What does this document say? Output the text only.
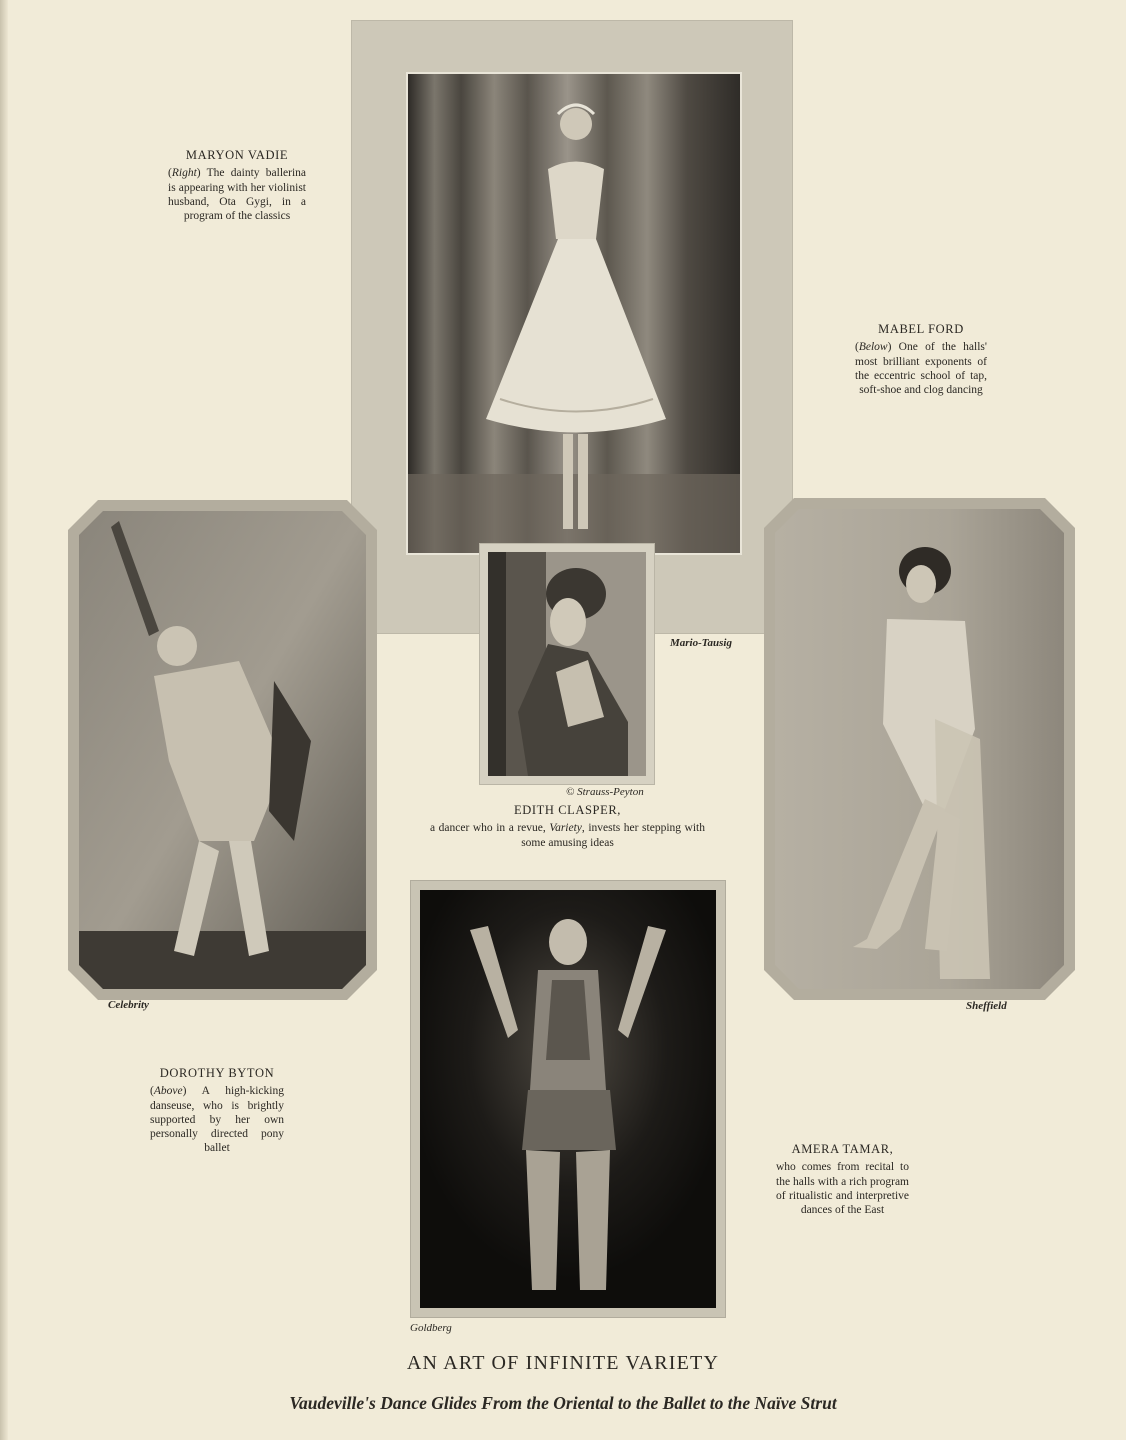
MARYON VADIE
(Right) The dainty ballerina is appearing with her violinist husband, Ota Gygi, in a program of the classics
MABEL FORD
(Below) One of the halls' most brilliant exponents of the eccentric school of tap, soft-shoe and clog dancing
EDITH CLASPER,
a dancer who in a revue, Variety, invests her stepping with some amusing ideas
DOROTHY BYTON
(Above) A high-kicking danseuse, who is brightly supported by her own personally directed pony ballet	AMERA TAMAR,
who comes from recital to the halls with a rich program of ritualistic and interpretive dances of the East
Mario-Tausig
© Strauss-Peyton
Celebrity	Sheffield
Goldberg
AN ART OF INFINITE VARIETY
Vaudeville's Dance Glides From the Oriental to the Ballet to the Naïve Strut
